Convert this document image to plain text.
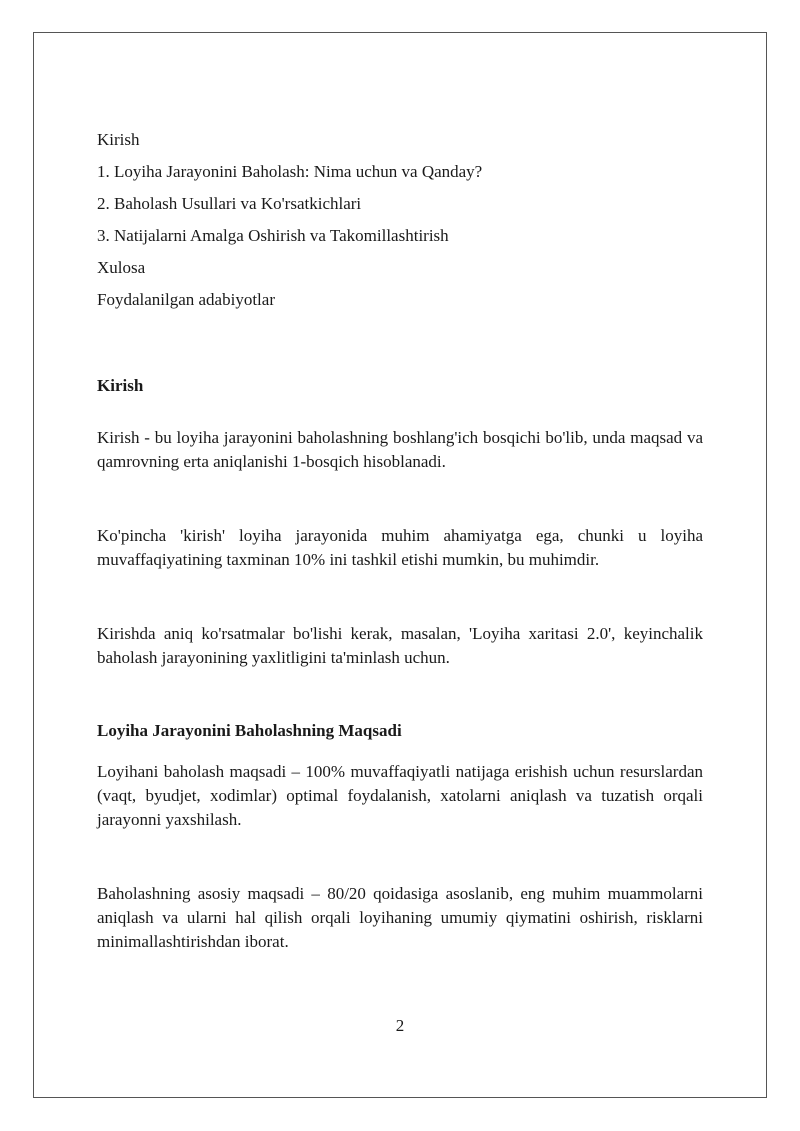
Kirish

1. Loyiha Jarayonini Baholash: Nima uchun va Qanday?

2. Baholash Usullari va Ko'rsatkichlari

3. Natijalarni Amalga Oshirish va Takomillashtirish

Xulosa

Foydalanilgan adabiyotlar

Kirish

Kirish - bu loyiha jarayonini baholashning boshlang'ich bosqichi bo'lib, unda maqsad va qamrovning erta aniqlanishi 1-bosqich hisoblanadi.

Ko'pincha 'kirish' loyiha jarayonida muhim ahamiyatga ega, chunki u loyiha muvaffaqiyatining taxminan 10% ini tashkil etishi mumkin, bu muhimdir.

Kirishda aniq ko'rsatmalar bo'lishi kerak, masalan, 'Loyiha xaritasi 2.0', keyinchalik baholash jarayonining yaxlitligini ta'minlash uchun.

Loyiha Jarayonini Baholashning Maqsadi

Loyihani baholash maqsadi – 100% muvaffaqiyatli natijaga erishish uchun resurslardan (vaqt, byudjet, xodimlar) optimal foydalanish, xatolarni aniqlash va tuzatish orqali jarayonni yaxshilash.

Baholashning asosiy maqsadi – 80/20 qoidasiga asoslanib, eng muhim muammolarni aniqlash va ularni hal qilish orqali loyihaning umumiy qiymatini oshirish, risklarni minimallashtirishdan iborat.

2
